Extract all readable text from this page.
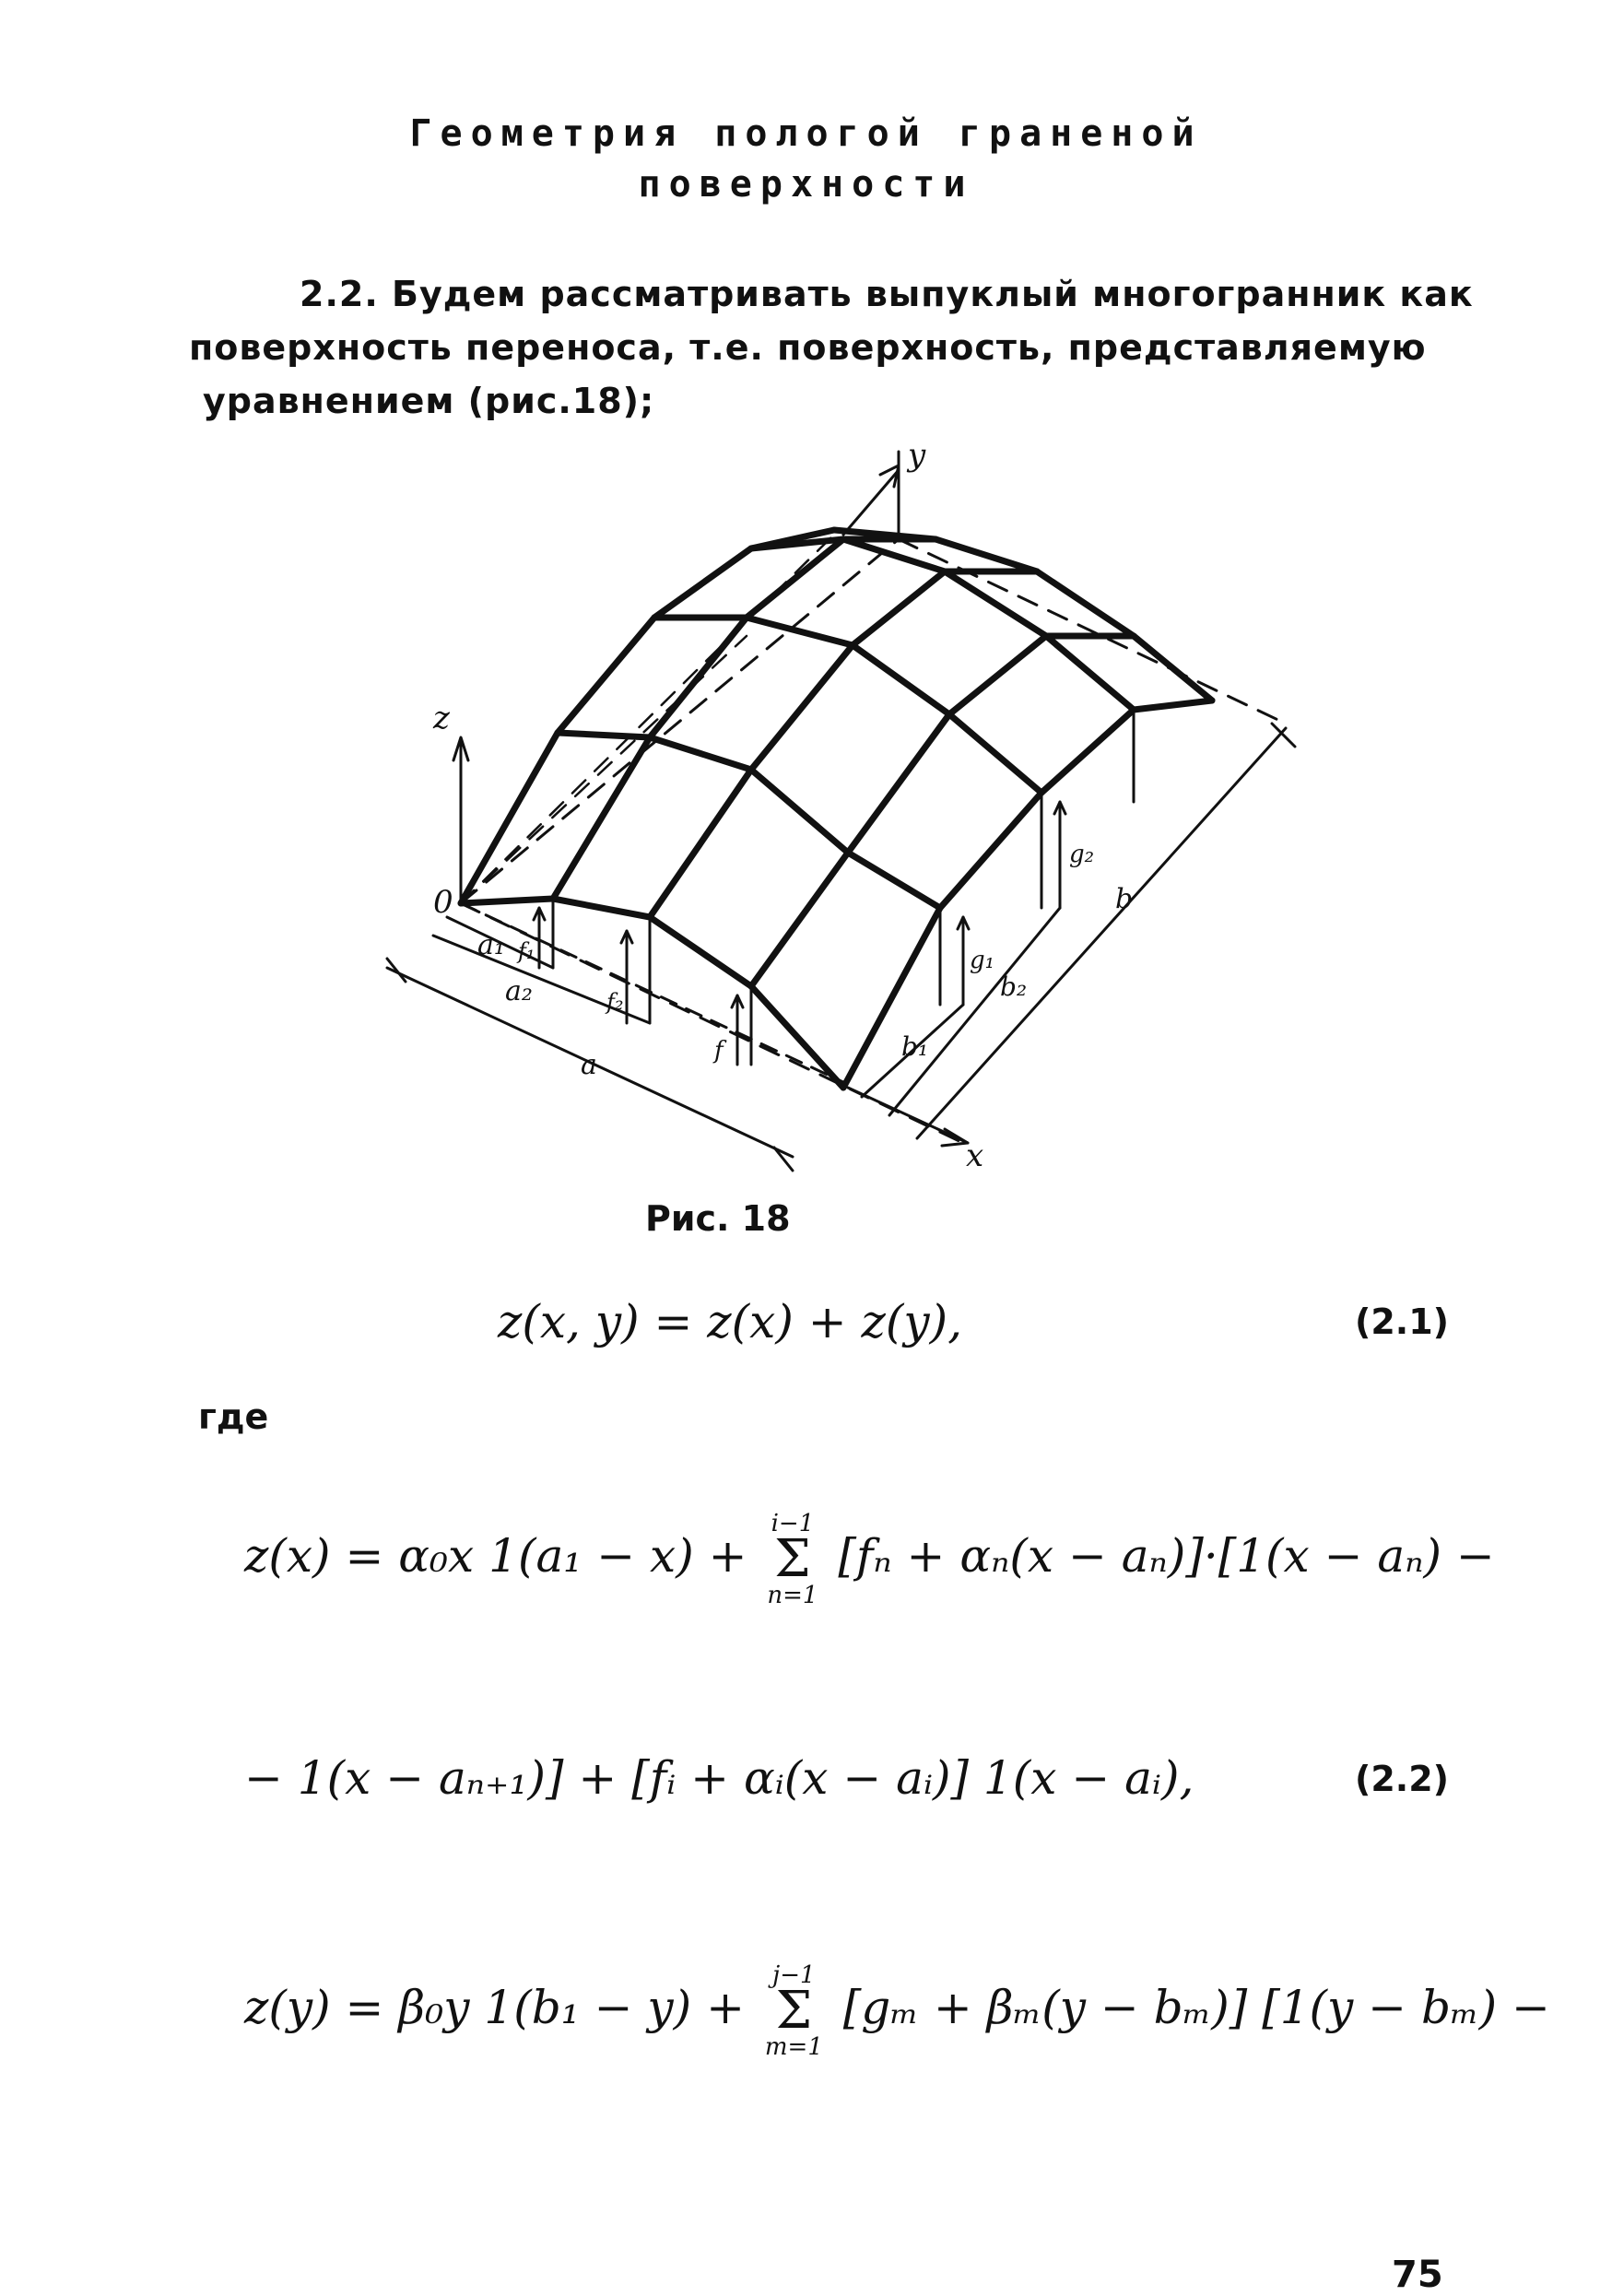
Геометрия пологой граненой
поверхности
2.2. Будем рассматривать выпуклый многогранник как
поверхность переноса, т.е. поверхность, представляемую
уравнением (рис.18);
z
y
x
0
a₁
a₂
a
f₁
f₂
f
g₁
g₂
b₁
b₂
b
Рис. 18
z(x, y) = z(x) + z(y),	(2.1)
где
z(x) = α₀x 1(a₁ − x) +
i−1
Σ
n=1
[fₙ + αₙ(x − aₙ)]·[1(x − aₙ) −
− 1(x − aₙ₊₁)] + [fᵢ + αᵢ(x − aᵢ)] 1(x − aᵢ),	(2.2)
z(y) = β₀y 1(b₁ − y) +
j−1
Σ
m=1
[gₘ + βₘ(y − bₘ)] [1(y − bₘ) −
75
